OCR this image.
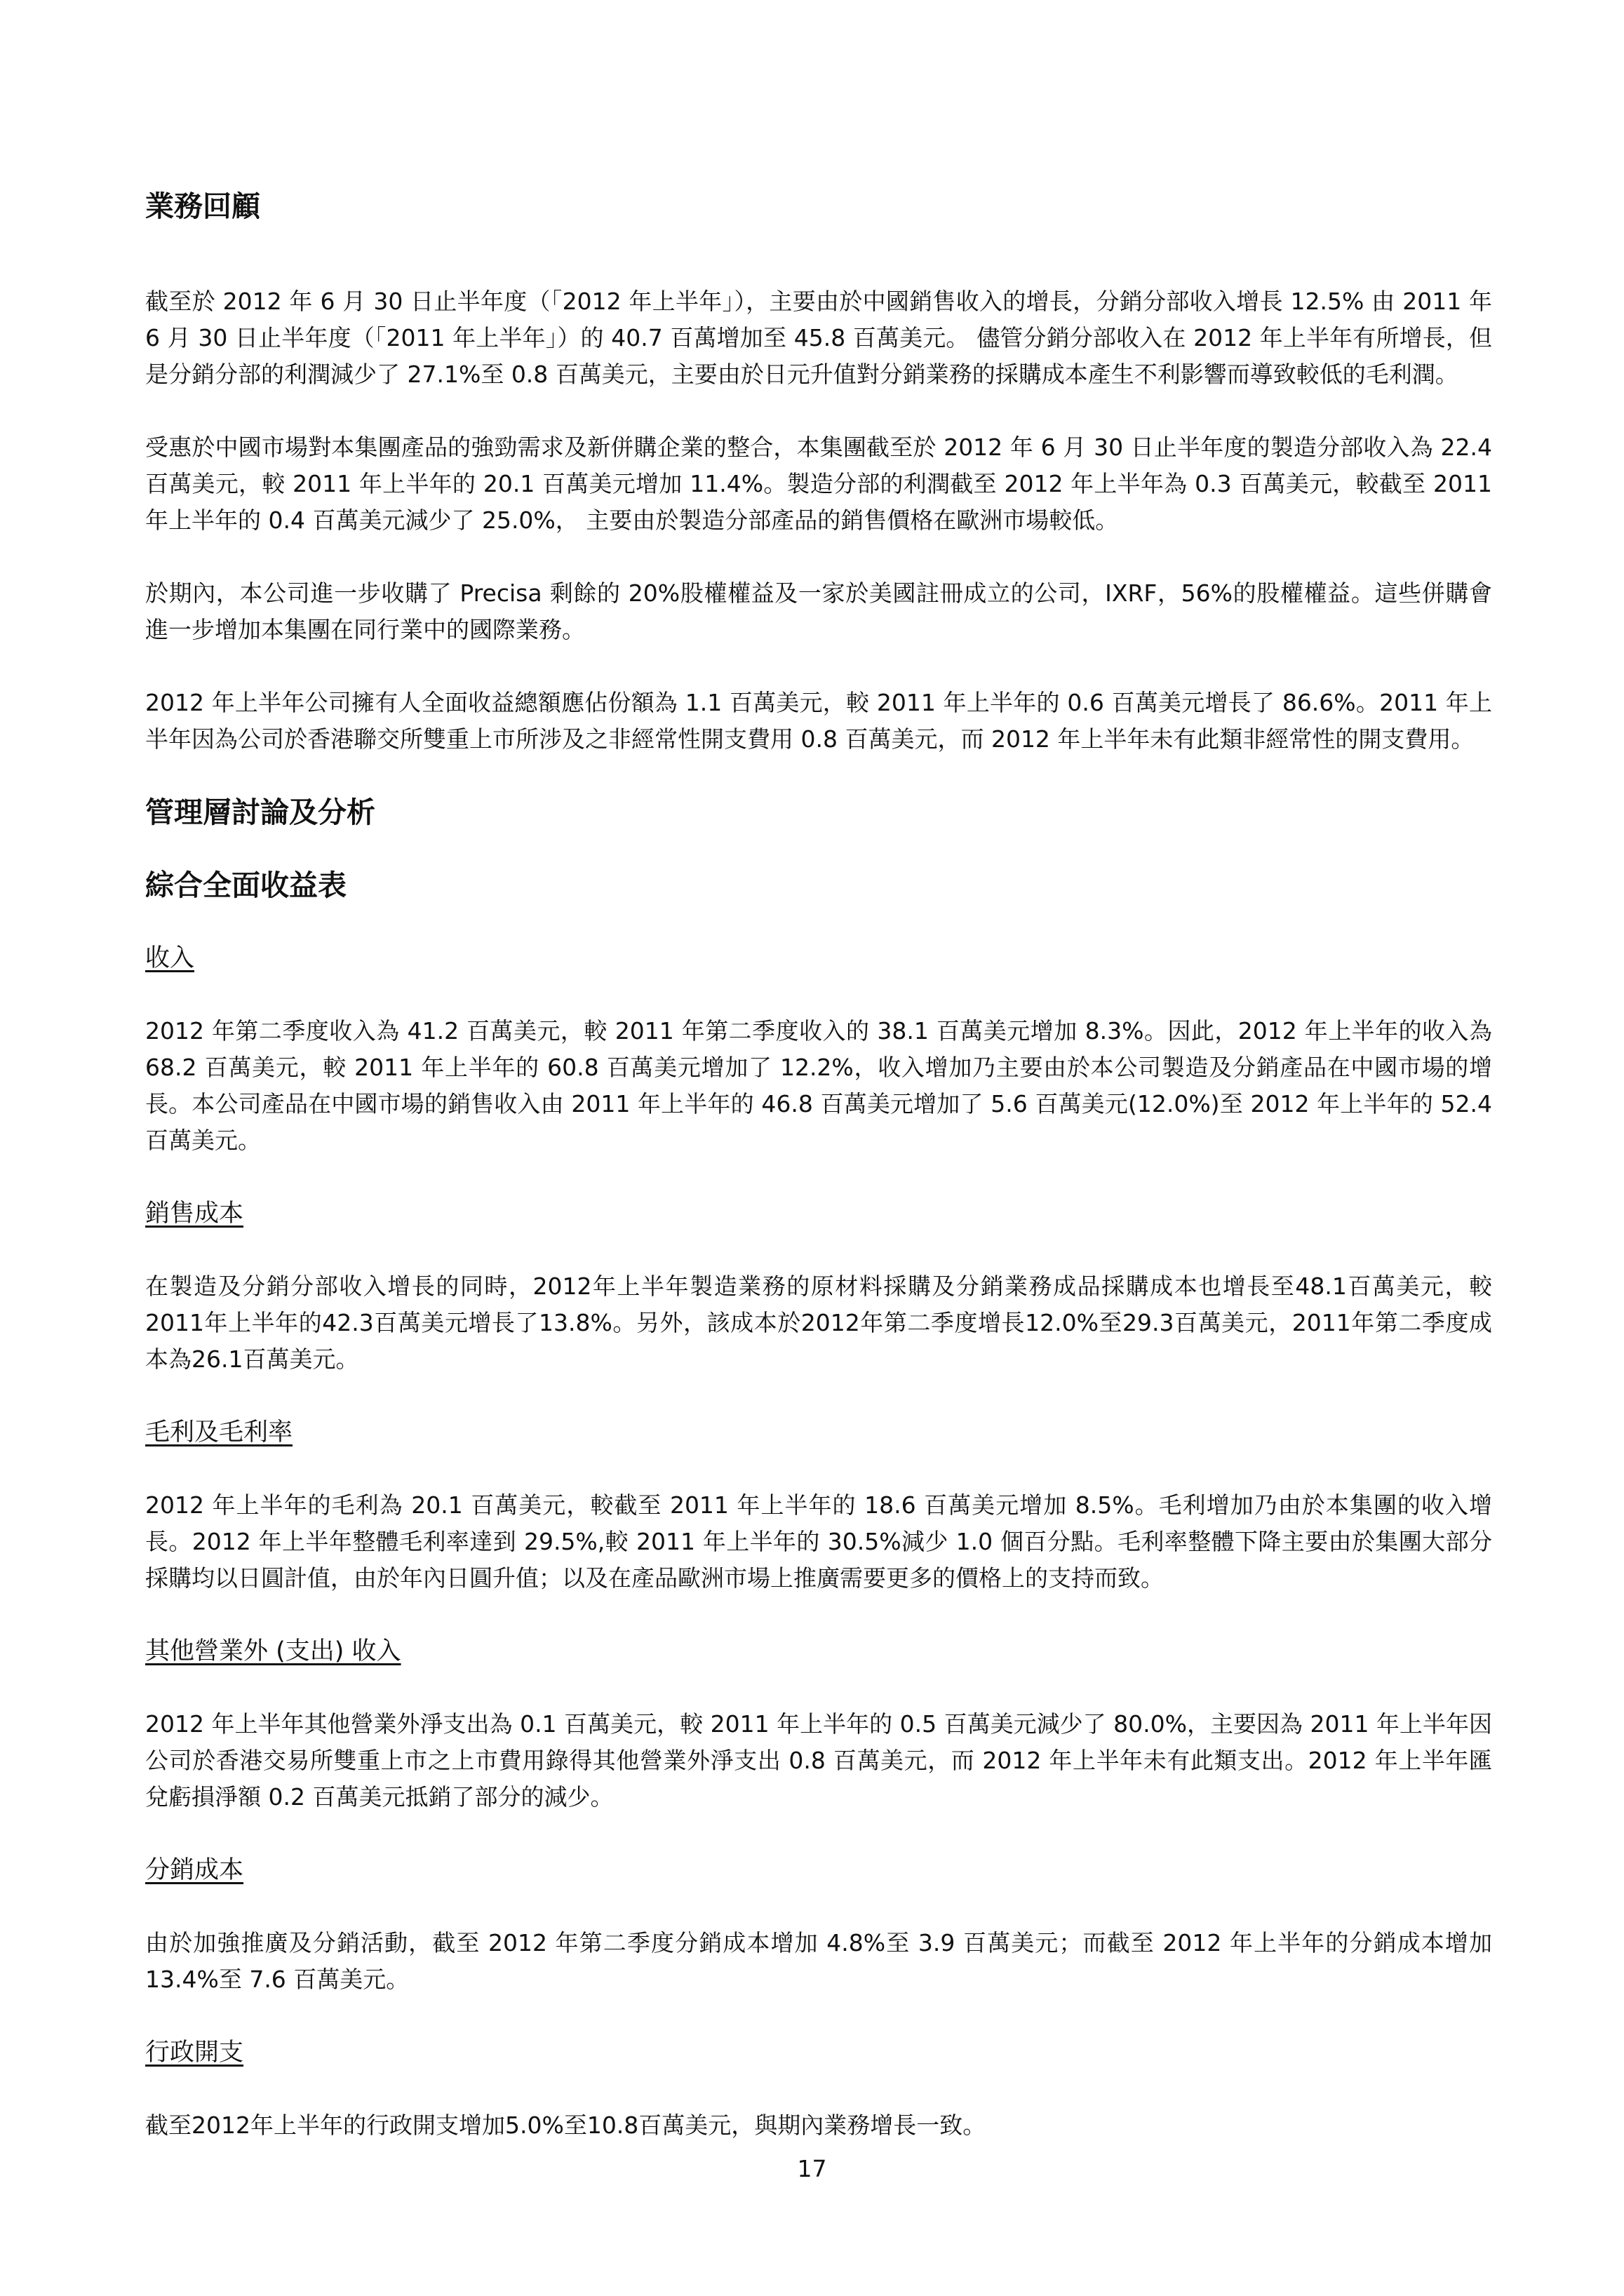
業務回顧

截至於 2012 年 6 月 30 日止半年度（「2012 年上半年」），主要由於中國銷售收入的增長，分銷分部收入增長 12.5% 由 2011 年 6 月 30 日止半年度（「2011 年上半年」）的 40.7 百萬增加至 45.8 百萬美元。 儘管分銷分部收入在 2012 年上半年有所增長，但是分銷分部的利潤減少了 27.1%至 0.8 百萬美元，主要由於日元升值對分銷業務的採購成本產生不利影響而導致較低的毛利潤。

受惠於中國市場對本集團產品的強勁需求及新併購企業的整合，本集團截至於 2012 年 6 月 30 日止半年度的製造分部收入為 22.4 百萬美元，較 2011 年上半年的 20.1 百萬美元增加 11.4%。製造分部的利潤截至 2012 年上半年為 0.3 百萬美元，較截至 2011 年上半年的 0.4 百萬美元減少了 25.0%， 主要由於製造分部產品的銷售價格在歐洲市場較低。

於期內，本公司進一步收購了 Precisa 剩餘的 20%股權權益及一家於美國註冊成立的公司，IXRF，56%的股權權益。這些併購會進一步增加本集團在同行業中的國際業務。

2012 年上半年公司擁有人全面收益總額應佔份額為 1.1 百萬美元，較 2011 年上半年的 0.6 百萬美元增長了 86.6%。2011 年上半年因為公司於香港聯交所雙重上市所涉及之非經常性開支費用 0.8 百萬美元，而 2012 年上半年未有此類非經常性的開支費用。

管理層討論及分析
綜合全面收益表
收入

2012 年第二季度收入為 41.2 百萬美元，較 2011 年第二季度收入的 38.1 百萬美元增加 8.3%。因此，2012 年上半年的收入為 68.2 百萬美元，較 2011 年上半年的 60.8 百萬美元增加了 12.2%，收入增加乃主要由於本公司製造及分銷產品在中國市場的增長。本公司產品在中國市場的銷售收入由 2011 年上半年的 46.8 百萬美元增加了 5.6 百萬美元(12.0%)至 2012 年上半年的 52.4 百萬美元。

銷售成本

在製造及分銷分部收入增長的同時，2012年上半年製造業務的原材料採購及分銷業務成品採購成本也增長至48.1百萬美元，較2011年上半年的42.3百萬美元增長了13.8%。另外，該成本於2012年第二季度增長12.0%至29.3百萬美元，2011年第二季度成本為26.1百萬美元。

毛利及毛利率

2012 年上半年的毛利為 20.1 百萬美元，較截至 2011 年上半年的 18.6 百萬美元增加 8.5%。毛利增加乃由於本集團的收入增長。2012 年上半年整體毛利率達到 29.5%,較 2011 年上半年的 30.5%減少 1.0 個百分點。毛利率整體下降主要由於集團大部分採購均以日圓計值，由於年內日圓升值；以及在產品歐洲市場上推廣需要更多的價格上的支持而致。

其他營業外 (支出) 收入

2012 年上半年其他營業外淨支出為 0.1 百萬美元，較 2011 年上半年的 0.5 百萬美元減少了 80.0%，主要因為 2011 年上半年因公司於香港交易所雙重上市之上市費用錄得其他營業外淨支出 0.8 百萬美元，而 2012 年上半年未有此類支出。2012 年上半年匯兌虧損淨額 0.2 百萬美元抵銷了部分的減少。

分銷成本

由於加強推廣及分銷活動，截至 2012 年第二季度分銷成本增加 4.8%至 3.9 百萬美元；而截至 2012 年上半年的分銷成本增加 13.4%至 7.6 百萬美元。

行政開支

截至2012年上半年的行政開支增加5.0%至10.8百萬美元，與期內業務增長一致。

17
